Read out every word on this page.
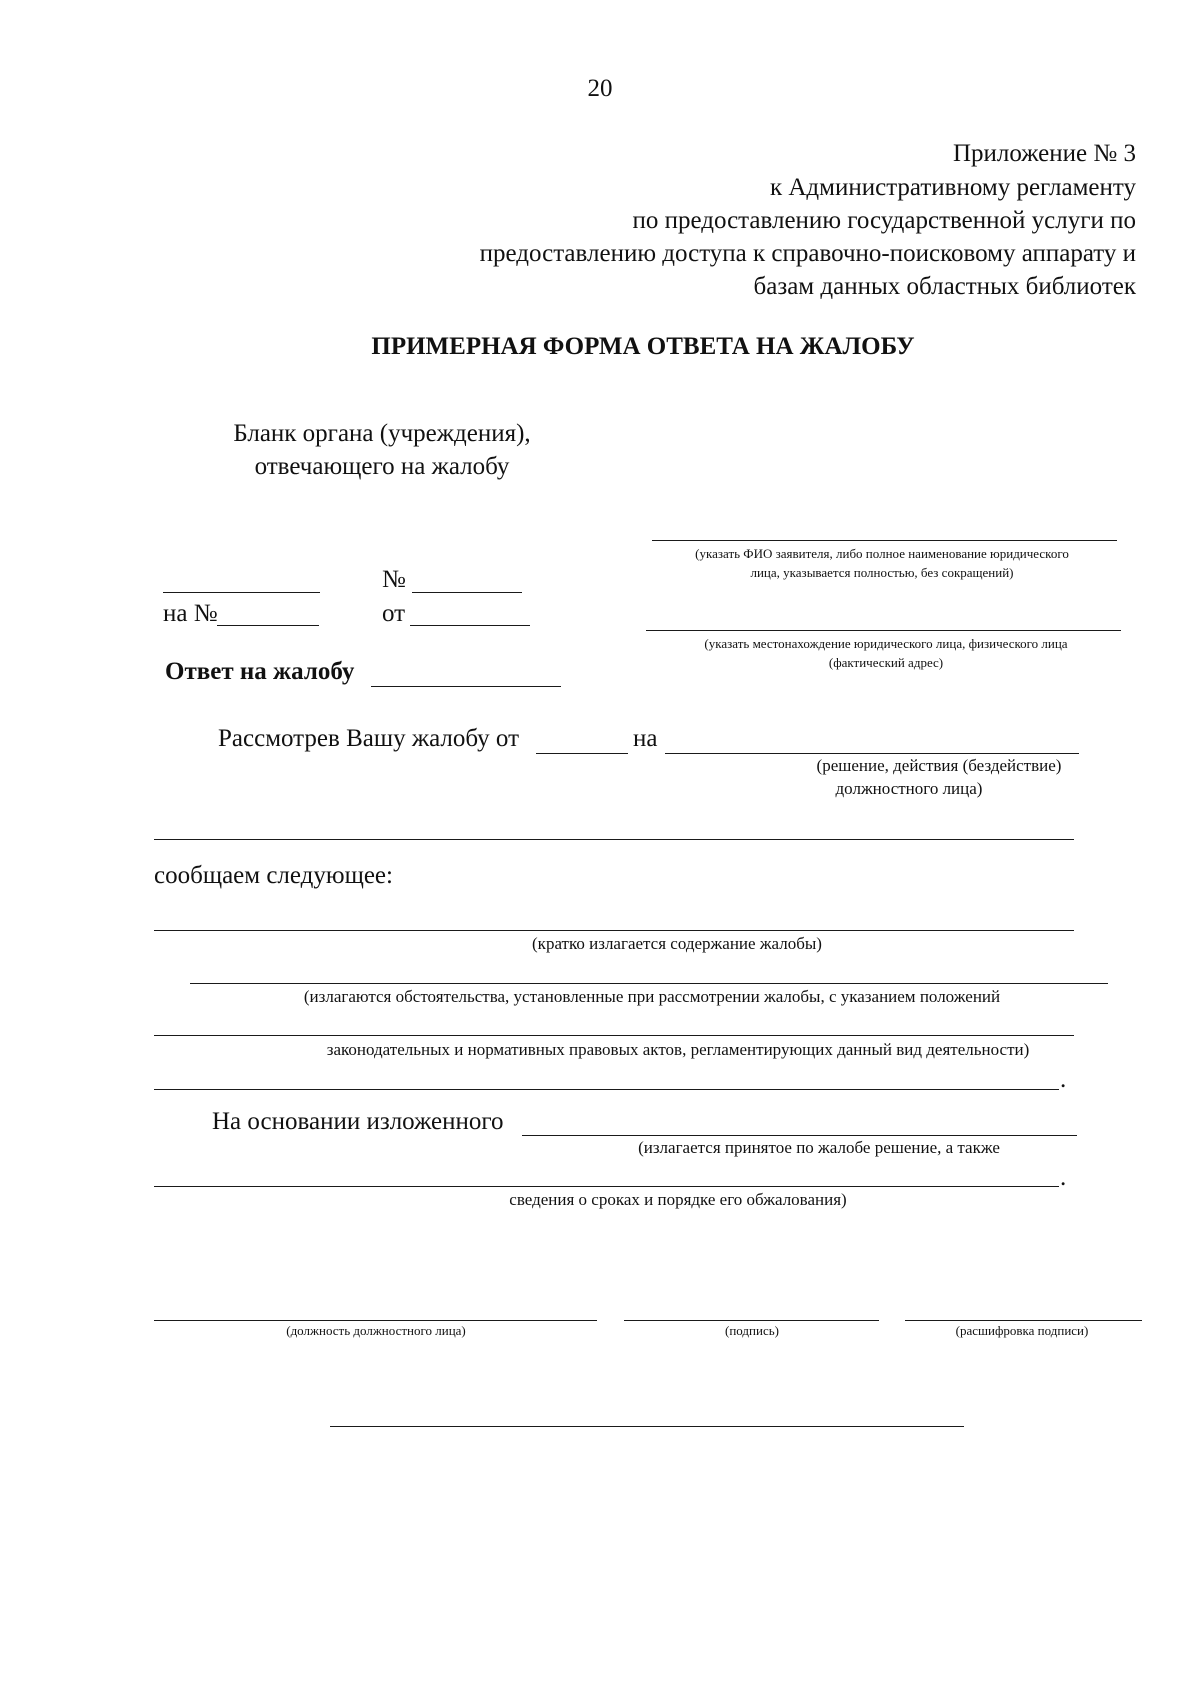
20
Приложение № 3
к Административному регламенту
по предоставлению государственной услуги по
предоставлению доступа к справочно-поисковому аппарату и
базам данных областных библиотек
ПРИМЕРНАЯ ФОРМА ОТВЕТА НА ЖАЛОБУ
Бланк органа (учреждения),
отвечающего на жалобу
(указать ФИО заявителя, либо полное наименование юридического
лица, указывается полностью, без сокращений)
(указать местонахождение юридического лица, физического лица
(фактический адрес)
№
на №	от
Ответ на жалобу
Рассмотрев Вашу жалобу от	на
(решение, действия (бездействие)
должностного лица)
сообщаем следующее:
(кратко излагается содержание жалобы)
(излагаются обстоятельства, установленные при рассмотрении жалобы, с указанием положений
законодательных и нормативных правовых актов, регламентирующих данный вид деятельности)
.
На основании изложенного
(излагается принятое по жалобе решение, а также
.
сведения о сроках и порядке его обжалования)
(должность должностного лица)	(подпись)	(расшифровка подписи)
